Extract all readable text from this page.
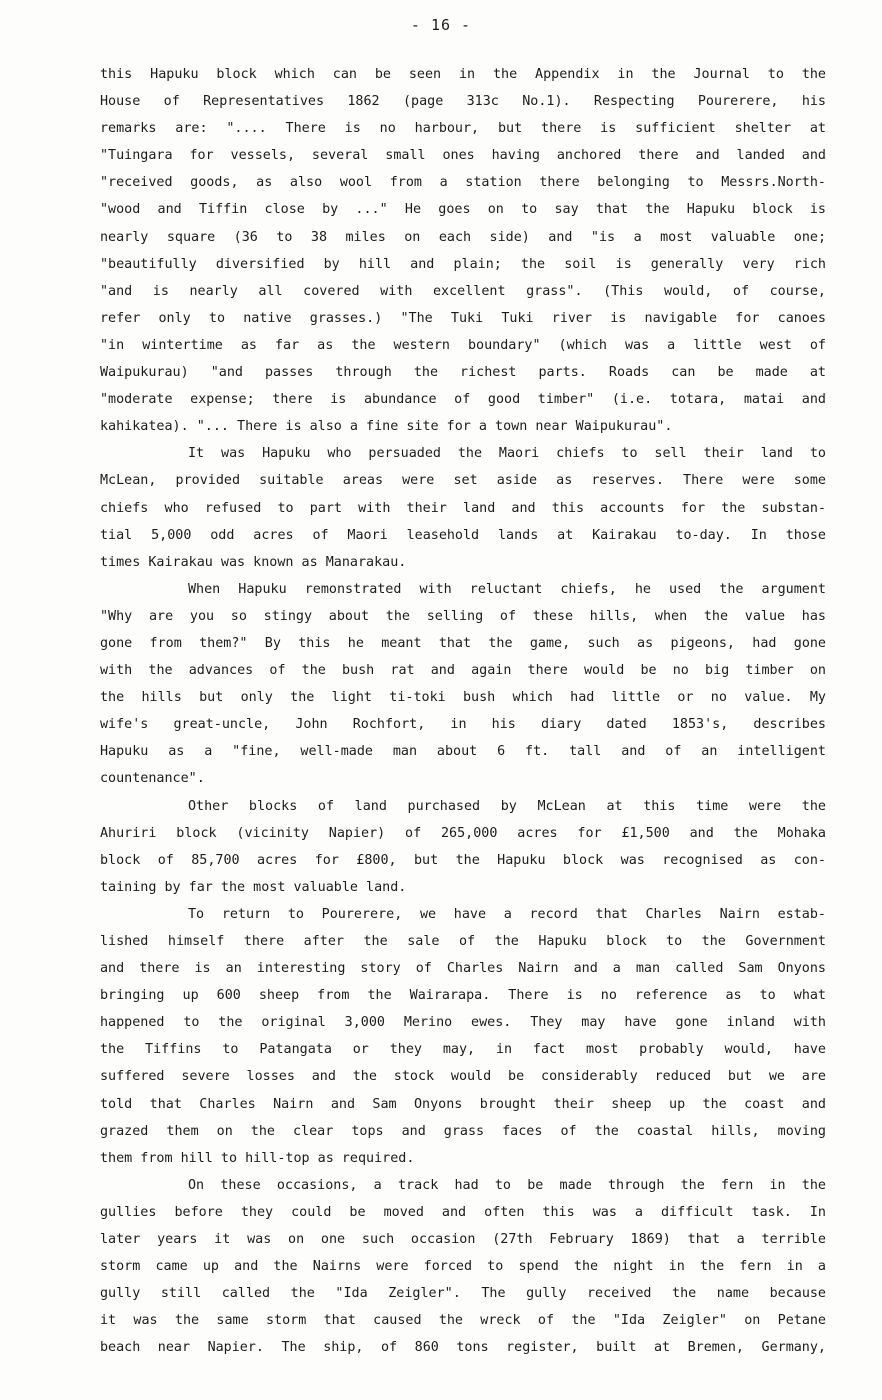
- 16 -
this Hapuku block which can be seen in the Appendix in the Journal to the
House of Representatives 1862 (page 313c No.1). Respecting Pourerere, his
remarks are: ".... There is no harbour, but there is sufficient shelter at
"Tuingara for vessels, several small ones having anchored there and landed and
"received goods, as also wool from a station there belonging to Messrs.North-
"wood and Tiffin close by ..." He goes on to say that the Hapuku block is
nearly square (36 to 38 miles on each side) and "is a most valuable one;
"beautifully diversified by hill and plain; the soil is generally very rich
"and is nearly all covered with excellent grass". (This would, of course,
refer only to native grasses.) "The Tuki Tuki river is navigable for canoes
"in wintertime as far as the western boundary" (which was a little west of
Waipukurau) "and passes through the richest parts. Roads can be made at
"moderate expense; there is abundance of good timber" (i.e. totara, matai and
kahikatea). "... There is also a fine site for a town near Waipukurau".
It was Hapuku who persuaded the Maori chiefs to sell their land to
McLean, provided suitable areas were set aside as reserves. There were some
chiefs who refused to part with their land and this accounts for the substan-
tial 5,000 odd acres of Maori leasehold lands at Kairakau to-day. In those
times Kairakau was known as Manarakau.
When Hapuku remonstrated with reluctant chiefs, he used the argument
"Why are you so stingy about the selling of these hills, when the value has
gone from them?" By this he meant that the game, such as pigeons, had gone
with the advances of the bush rat and again there would be no big timber on
the hills but only the light ti-toki bush which had little or no value. My
wife's great-uncle, John Rochfort, in his diary dated 1853's, describes
Hapuku as a "fine, well-made man about 6 ft. tall and of an intelligent
countenance".
Other blocks of land purchased by McLean at this time were the
Ahuriri block (vicinity Napier) of 265,000 acres for £1,500 and the Mohaka
block of 85,700 acres for £800, but the Hapuku block was recognised as con-
taining by far the most valuable land.
To return to Pourerere, we have a record that Charles Nairn estab-
lished himself there after the sale of the Hapuku block to the Government
and there is an interesting story of Charles Nairn and a man called Sam Onyons
bringing up 600 sheep from the Wairarapa. There is no reference as to what
happened to the original 3,000 Merino ewes. They may have gone inland with
the Tiffins to Patangata or they may, in fact most probably would, have
suffered severe losses and the stock would be considerably reduced but we are
told that Charles Nairn and Sam Onyons brought their sheep up the coast and
grazed them on the clear tops and grass faces of the coastal hills, moving
them from hill to hill-top as required.
On these occasions, a track had to be made through the fern in the
gullies before they could be moved and often this was a difficult task. In
later years it was on one such occasion (27th February 1869) that a terrible
storm came up and the Nairns were forced to spend the night in the fern in a
gully still called the "Ida Zeigler". The gully received the name because
it was the same storm that caused the wreck of the "Ida Zeigler" on Petane
beach near Napier. The ship, of 860 tons register, built at Bremen, Germany,
